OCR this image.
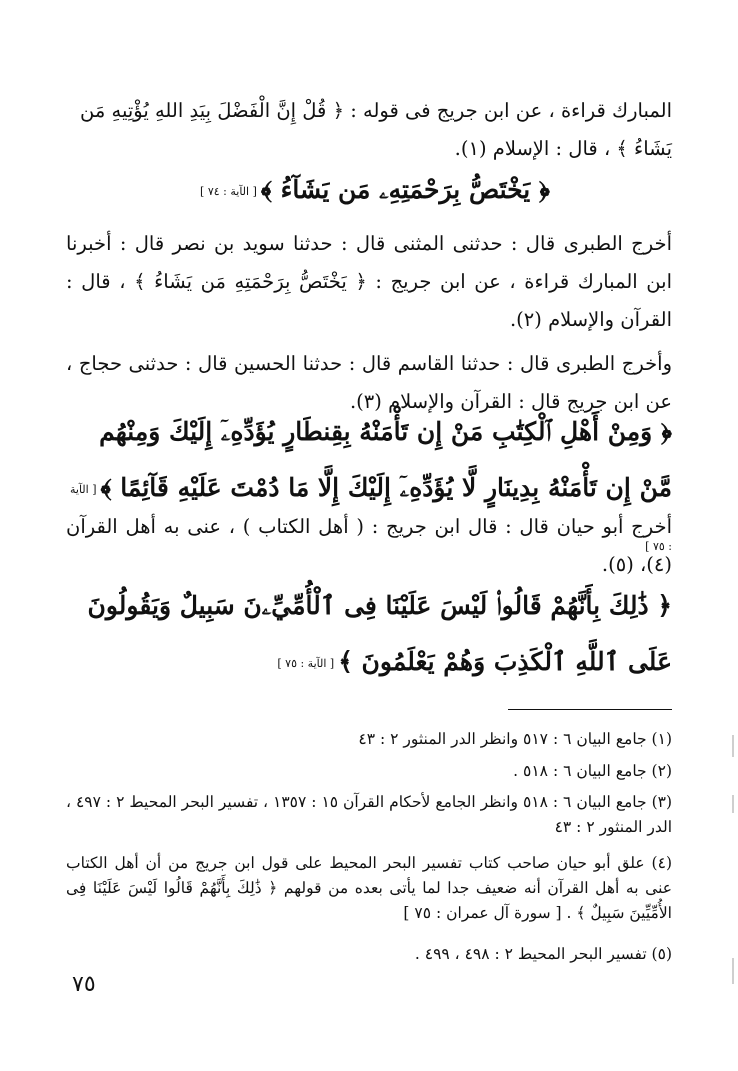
المبارك قراءة ، عن ابن جريج فى قوله : ﴿ قُلْ إِنَّ الْفَضْلَ بِيَدِ اللهِ يُؤْتِيهِ مَن يَشَاءُ ﴾ ، قال : الإسلام (١).

﴿ يَخْتَصُّ بِرَحْمَتِهِۦ مَن يَشَآءُ ﴾[ الآية : ٧٤ ]

أخرج الطبرى قال : حدثنى المثنى قال : حدثنا سويد بن نصر قال : أخبرنا ابن المبارك قراءة ، عن ابن جريج : ﴿ يَخْتَصُّ بِرَحْمَتِهِ مَن يَشَاءُ ﴾ ، قال : القرآن والإسلام (٢).

وأخرج الطبرى قال : حدثنا القاسم قال : حدثنا الحسين قال : حدثنى حجاج ، عن ابن جريج قال : القرآن والإسلام (٣).

﴿ وَمِنْ أَهْلِ ٱلْكِتَٰبِ مَنْ إِن تَأْمَنْهُ بِقِنطَارٍ يُؤَدِّهِۦٓ إِلَيْكَ وَمِنْهُم مَّنْ إِن تَأْمَنْهُ بِدِينَارٍ لَّا يُؤَدِّهِۦٓ إِلَيْكَ إِلَّا مَا دُمْتَ عَلَيْهِ قَآئِمًا ﴾[ الآية : ٧٥ ]

أخرج أبو حيان قال : قال ابن جريج : ( أهل الكتاب ) ، عنى به أهل القرآن (٤)، (٥).

﴿ ذَٰلِكَ بِأَنَّهُمْ قَالُوا۟ لَيْسَ عَلَيْنَا فِى ٱلْأُمِّيِّۦنَ سَبِيلٌ وَيَقُولُونَ عَلَى ٱللَّهِ ٱلْكَذِبَ وَهُمْ يَعْلَمُونَ ﴾[ الآية : ٧٥ ]

(١) جامع البيان ٦ : ٥١٧ وانظر الدر المنثور ٢ : ٤٣

(٢) جامع البيان ٦ : ٥١٨ .

(٣) جامع البيان ٦ : ٥١٨ وانظر الجامع لأحكام القرآن ١٥ : ١٣٥٧ ، تفسير البحر المحيط ٢ : ٤٩٧ ، الدر المنثور ٢ : ٤٣

(٤) علق أبو حيان صاحب كتاب تفسير البحر المحيط على قول ابن جريج من أن أهل الكتاب عنى به أهل القرآن أنه ضعيف جدا لما يأتى بعده من قولهم ﴿ ذَٰلِكَ بِأَنَّهُمْ قَالُوا لَيْسَ عَلَيْنَا فِى الأُمِّيِّينَ سَبِيلٌ ﴾ . [ سورة آل عمران : ٧٥ ]

(٥) تفسير البحر المحيط ٢ : ٤٩٨ ، ٤٩٩ .

٧٥
